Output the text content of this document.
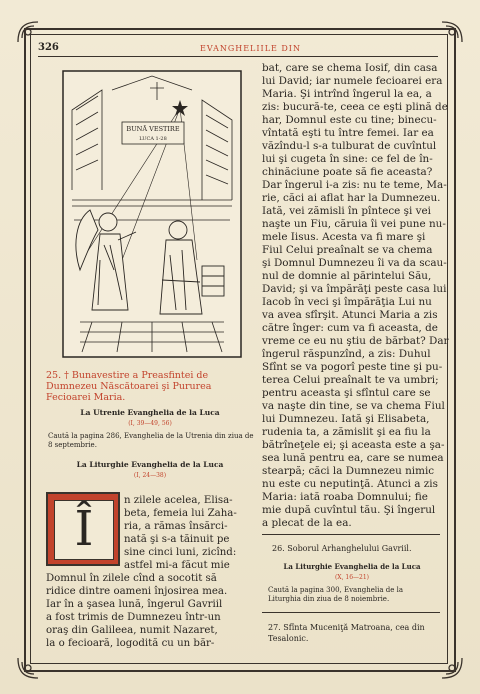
326	EVANGHELIILE DIN
BUNĂ VESTIRE
LUCA 1-28
25. † Bunavestire a Preasfintei de Dumnezeu Născătoarei şi Pururea Fecioarei Maria.
La Utrenie Evanghelia de la Luca
(I, 39—49, 56)
Caută la pagina 286, Evanghelia de la Utrenia din ziua de 8 septembrie.
La Liturghie Evanghelia de la Luca
(I, 24—38)
Î
n zilele acelea, Elisa-
beta, femeia lui Zaha-
ria, a rămas însărci-
nată şi s-a tăinuit pe
sine cinci luni, zicînd:
astfel mi-a făcut mie
Domnul în zilele cînd a socotit să
ridice dintre oameni înjosirea mea.
Iar în a şasea lună, îngerul Gavriil
a fost trimis de Dumnezeu într-un
oraş din Galileea, numit Nazaret,
la o fecioară, logodită cu un băr-
bat, care se chema Iosif, din casa
lui David; iar numele fecioarei era
Maria. Şi intrînd îngerul la ea, a
zis: bucură-te, ceea ce eşti plină de
har, Domnul este cu tine; binecu-
vîntată eşti tu între femei. Iar ea
văzîndu-l s-a tulburat de cuvîntul
lui şi cugeta în sine: ce fel de în-
chinăciune poate să fie aceasta?
Dar îngerul i-a zis: nu te teme, Ma-
rie, căci ai aflat har la Dumnezeu.
Iată, vei zămisli în pîntece şi vei
naşte un Fiu, căruia îi vei pune nu-
mele Iisus. Acesta va fi mare şi
Fiul Celui preaînalt se va chema
şi Domnul Dumnezeu îi va da scau-
nul de domnie al părintelui Său,
David; şi va împărăţi peste casa lui
Iacob în veci şi împărăţia Lui nu
va avea sfîrşit. Atunci Maria a zis
către înger: cum va fi aceasta, de
vreme ce eu nu ştiu de bărbat? Dar
îngerul răspunzînd, a zis: Duhul
Sfînt se va pogorî peste tine şi pu-
terea Celui preaînalt te va umbri;
pentru aceasta şi sfîntul care se
va naşte din tine, se va chema Fiul
lui Dumnezeu. Iată şi Elisabeta,
rudenia ta, a zămislit şi ea fiu la
bătrîneţele ei; şi aceasta este a şa-
sea lună pentru ea, care se numea
stearpă; căci la Dumnezeu nimic
nu este cu neputinţă. Atunci a zis
Maria: iată roaba Domnului; fie
mie după cuvîntul tău. Şi îngerul
a plecat de la ea.
26. Soborul Arhanghelului Gavriil.
La Liturghie Evanghelia de la Luca
(X, 16—21)
Caută la pagina 300, Evanghelia de la Liturghia din ziua de 8 noiembrie.
27. Sfînta Muceniţă Matroana, cea din Tesalonic.
